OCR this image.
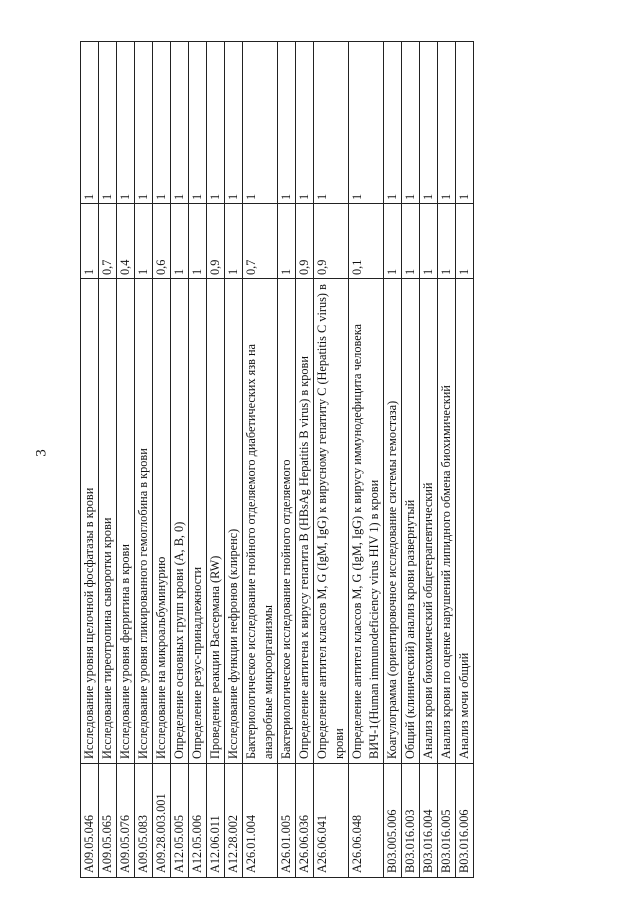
3
A09.05.046	Исследование уровня щелочной фосфатазы в крови	1	1
A09.05.065	Исследование тиреотропина сыворотки крови	0,7	1
A09.05.076	Исследование уровня ферритина в крови	0,4	1
A09.05.083	Исследование уровня гликированного гемоглобина в крови	1	1
A09.28.003.001	Исследование на микроальбуминурию	0,6	1
A12.05.005	Определение основных групп крови (A, B, 0)	1	1
A12.05.006	Определение резус-принадлежности	1	1
A12.06.011	Проведение реакции Вассермана (RW)	0,9	1
A12.28.002	Исследование функции нефронов (клиренс)	1	1
A26.01.004	Бактериологическое исследование гнойного отделяемого диабетических язв на анаэробные микроорганизмы	0,7	1
A26.01.005	Бактериологическое исследование гнойного отделяемого	1	1
A26.06.036	Определение антигена к вирусу гепатита B (HBsAg Hepatitis B virus) в крови	0,9	1
A26.06.041	Определение антител классов M, G (IgM, IgG) к вирусному гепатиту C (Hepatitis C virus) в крови	0,9	1
A26.06.048	Определение антител классов M, G (IgM, IgG) к вирусу иммунодефицита человека ВИЧ-1(Human immunodeficiency virus HIV 1) в крови	0,1	1
B03.005.006	Коагулограмма (ориентировочное исследование системы гемостаза)	1	1
B03.016.003	Общий (клинический) анализ крови развернутый	1	1
B03.016.004	Анализ крови биохимический общетерапевтический	1	1
B03.016.005	Анализ крови по оценке нарушений липидного обмена биохимический	1	1
B03.016.006	Анализ мочи общий	1	1
